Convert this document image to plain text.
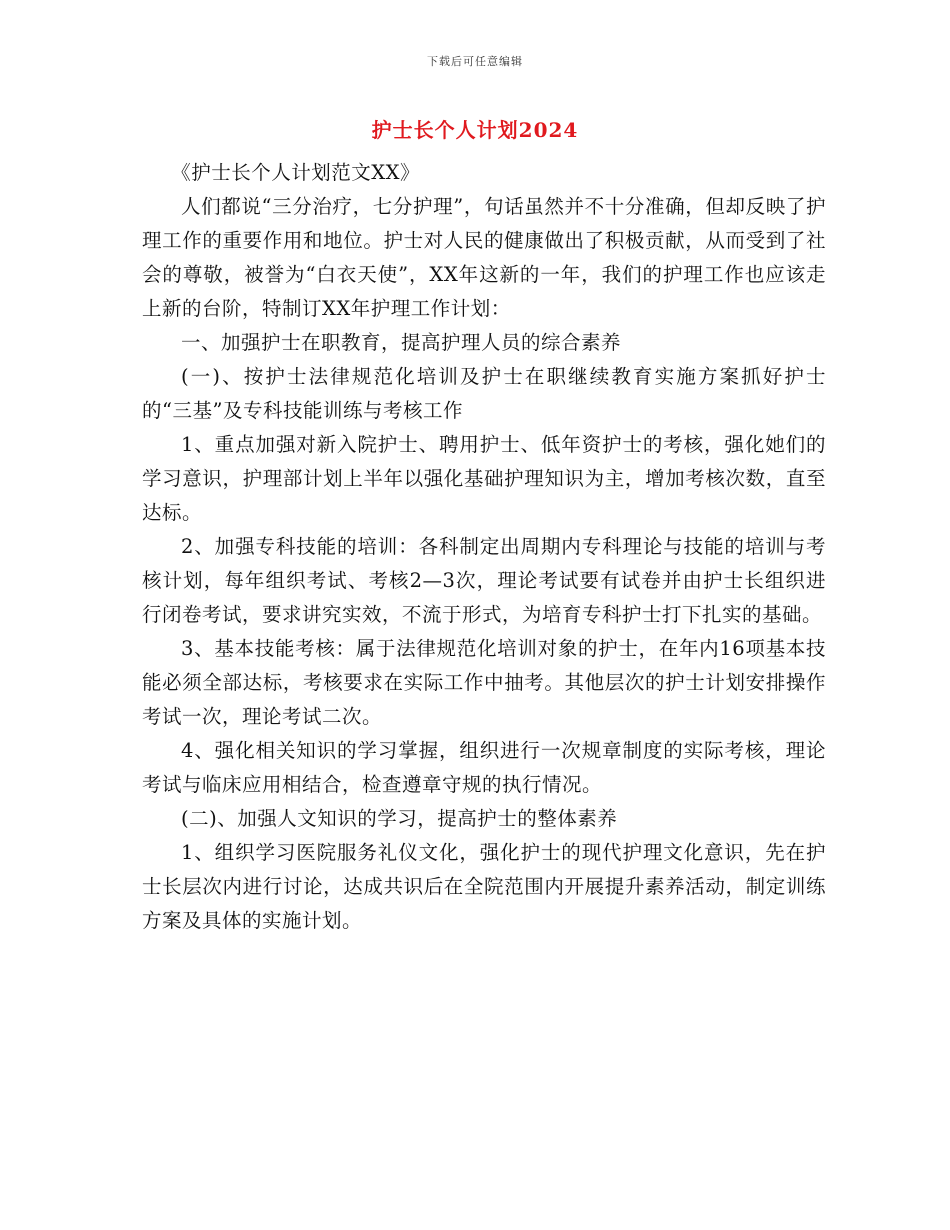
下载后可任意编辑
护士长个人计划2024

《护士长个人计划范文XX》

人们都说“三分治疗，七分护理”，句话虽然并不十分准确，但却反映了护理工作的重要作用和地位。护士对人民的健康做出了积极贡献，从而受到了社会的尊敬，被誉为“白衣天使”，XX年这新的一年，我们的护理工作也应该走上新的台阶，特制订XX年护理工作计划：

一、加强护士在职教育，提高护理人员的综合素养

(一)、按护士法律规范化培训及护士在职继续教育实施方案抓好护士的“三基”及专科技能训练与考核工作

1、重点加强对新入院护士、聘用护士、低年资护士的考核，强化她们的学习意识，护理部计划上半年以强化基础护理知识为主，增加考核次数，直至达标。

2、加强专科技能的培训：各科制定出周期内专科理论与技能的培训与考核计划，每年组织考试、考核2—3次，理论考试要有试卷并由护士长组织进行闭卷考试，要求讲究实效，不流于形式，为培育专科护士打下扎实的基础。

3、基本技能考核：属于法律规范化培训对象的护士，在年内16项基本技能必须全部达标，考核要求在实际工作中抽考。其他层次的护士计划安排操作考试一次，理论考试二次。

4、强化相关知识的学习掌握，组织进行一次规章制度的实际考核，理论考试与临床应用相结合，检查遵章守规的执行情况。

(二)、加强人文知识的学习，提高护士的整体素养

1、组织学习医院服务礼仪文化，强化护士的现代护理文化意识，先在护士长层次内进行讨论，达成共识后在全院范围内开展提升素养活动，制定训练方案及具体的实施计划。
